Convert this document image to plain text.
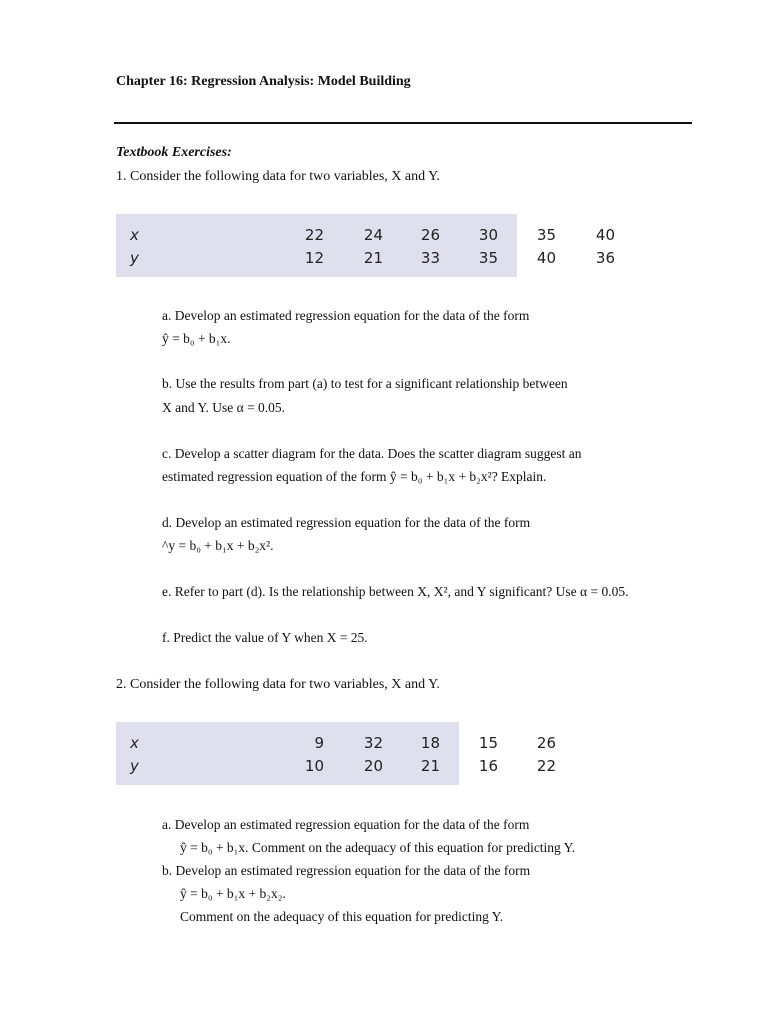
Chapter 16: Regression Analysis: Model Building
Textbook Exercises:
1. Consider the following data for two variables, X and Y.
x	22	24	26	30	35	40
y	12	21	33	35	40	36
a. Develop an estimated regression equation for the data of the form
ŷ = b₀ + b₁x.
b. Use the results from part (a) to test for a significant relationship between
X and Y. Use α = 0.05.
c. Develop a scatter diagram for the data. Does the scatter diagram suggest an
estimated regression equation of the form ŷ = b₀ + b₁x + b₂x²? Explain.
d. Develop an estimated regression equation for the data of the form
^y = b₀ + b₁x + b₂x².
e. Refer to part (d). Is the relationship between X, X², and Y significant? Use α = 0.05.
f. Predict the value of Y when X = 25.
2. Consider the following data for two variables, X and Y.
x	9	32	18	15	26
y	10	20	21	16	22
a. Develop an estimated regression equation for the data of the form
ŷ = b₀ + b₁x. Comment on the adequacy of this equation for predicting Y.
b. Develop an estimated regression equation for the data of the form
ŷ = b₀ + b₁x + b₂x₂.
Comment on the adequacy of this equation for predicting Y.
